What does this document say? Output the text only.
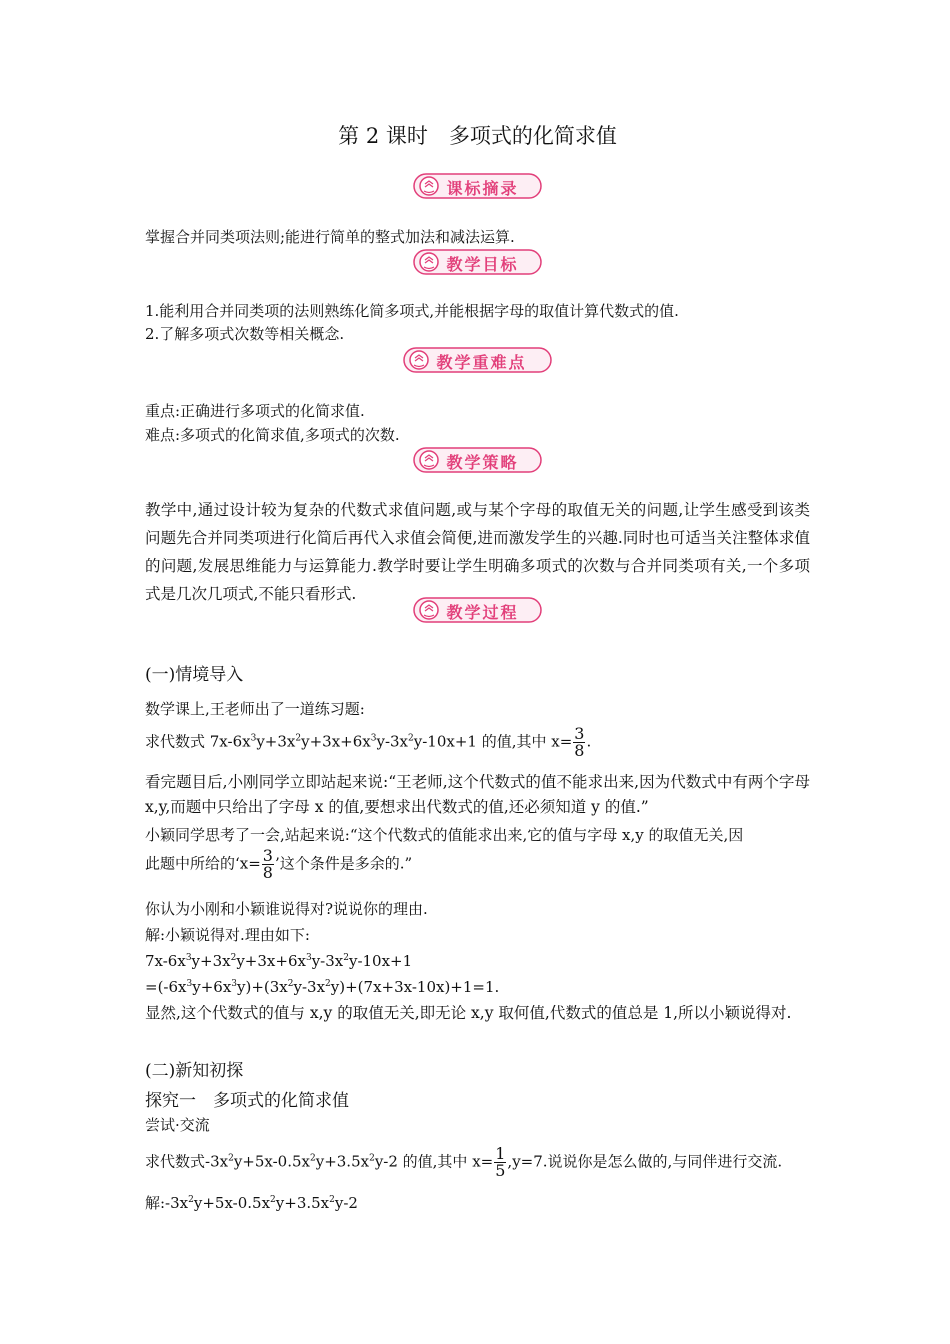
第 2 课时　多项式的化简求值
课标摘录
掌握合并同类项法则;能进行简单的整式加法和减法运算.
教学目标
1.能利用合并同类项的法则熟练化简多项式,并能根据字母的取值计算代数式的值.
2.了解多项式次数等相关概念.
教学重难点
重点:正确进行多项式的化简求值.
难点:多项式的化简求值,多项式的次数.
教学策略
教学中,通过设计较为复杂的代数式求值问题,或与某个字母的取值无关的问题,让学生感受到该类问题先合并同类项进行化简后再代入求值会简便,进而激发学生的兴趣.同时也可适当关注整体求值的问题,发展思维能力与运算能力.教学时要让学生明确多项式的次数与合并同类项有关,一个多项式是几次几项式,不能只看形式.
教学过程
(一)情境导入
数学课上,王老师出了一道练习题:
求代数式 $7x-6x^3y+3x^2y+3x+6x^3y-3x^2y-10x+1$ 的值,其中 $x= \frac{3}{8}$ .
看完题目后,小刚同学立即站起来说:“王老师,这个代数式的值不能求出来,因为代数式中有两个字母 x,y,而题中只给出了字母 x 的值,要想求出代数式的值,还必须知道 y 的值.”
小颖同学思考了一会,站起来说:“这个代数式的值能求出来,它的值与字母 x,y 的取值无关,因
此题中所给的‘$x= \frac{3}{8}$ ’这个条件是多余的.”
你认为小刚和小颖谁说得对?说说你的理由.
解:小颖说得对.理由如下:
$7x-6x^3y+3x^2y+3x+6x^3y-3x^2y-10x+1$
$=(-6x^3y+6x^3y)+(3x^2y-3x^2y)+(7x+3x-10x)+1=1$.
显然,这个代数式的值与 x,y 的取值无关,即无论 x,y 取何值,代数式的值总是 1,所以小颖说得对.
(二)新知初探
探究一　多项式的化简求值
尝试·交流
求代数式$-3x^2y+5x-0.5x^2y+3.5x^2y-2$ 的值,其中 $x= \frac{1}{5} ,y=7$.说说你是怎么做的,与同伴进行交流.
解$:-3x^2y+5x-0.5x^2y+3.5x^2y-2$
